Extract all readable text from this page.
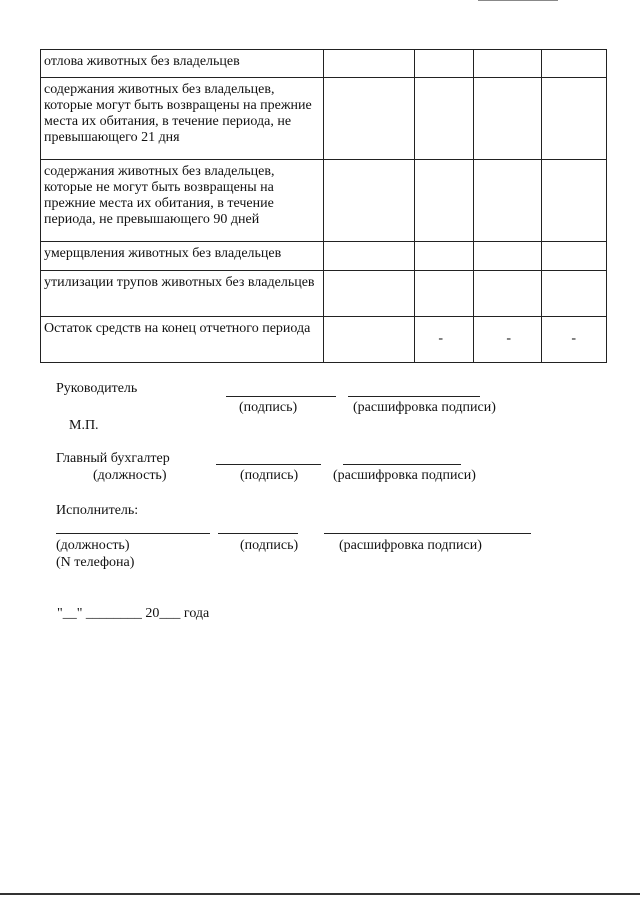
отлова животных без владельцев				
содержания животных без владельцев, которые могут быть возвращены на прежние места их обитания, в течение периода, не превышающего 21 дня				
содержания животных без владельцев, которые не могут быть возвращены на прежние места их обитания, в течение периода, не превышающего 90 дней				
умерщвления животных без владельцев				
утилизации трупов животных без владельцев				
Остаток средств на конец отчетного периода		-	-	-
Руководитель
(подпись)	(расшифровка подписи)
М.П.
Главный бухгалтер
(должность)	(подпись) (расшифровка подписи)
Исполнитель:
(должность)	(подпись)	(расшифровка подписи)
(N телефона)
"__" ________ 20___ года
